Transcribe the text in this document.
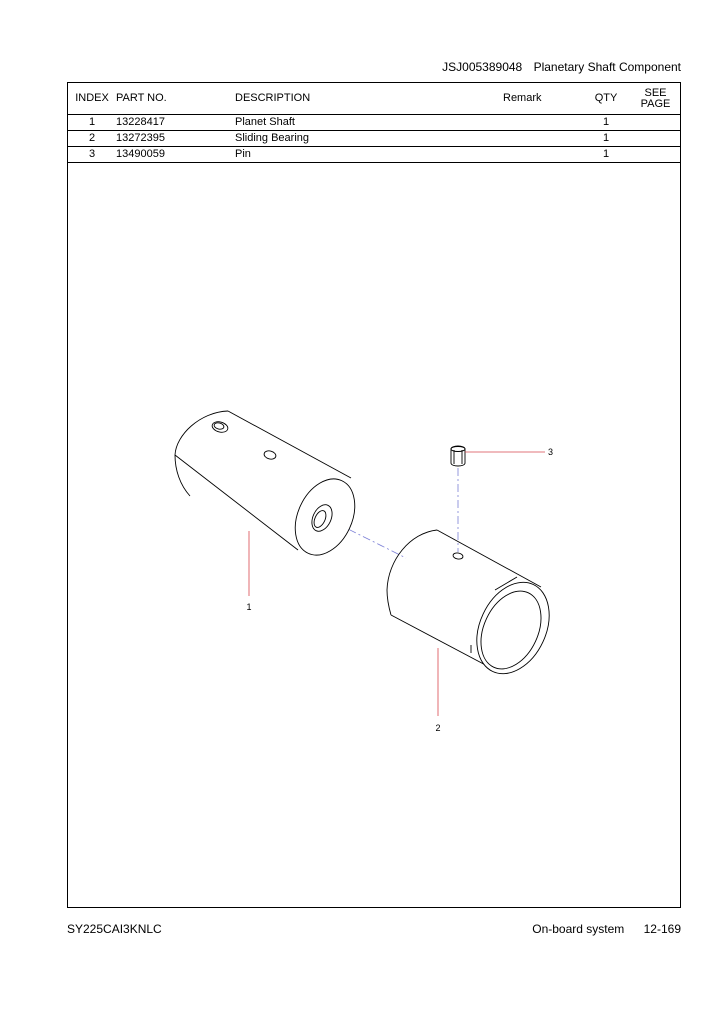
JSJ005389048 Planetary Shaft Component
INDEX	PART NO.	DESCRIPTION	Remark	QTY	SEE
PAGE
1	13228417	Planet Shaft		1	
2	13272395	Sliding Bearing		1	
3	13490059	Pin		1	
1
2
3
SY225CAI3KNLC	On-board system 12-169
